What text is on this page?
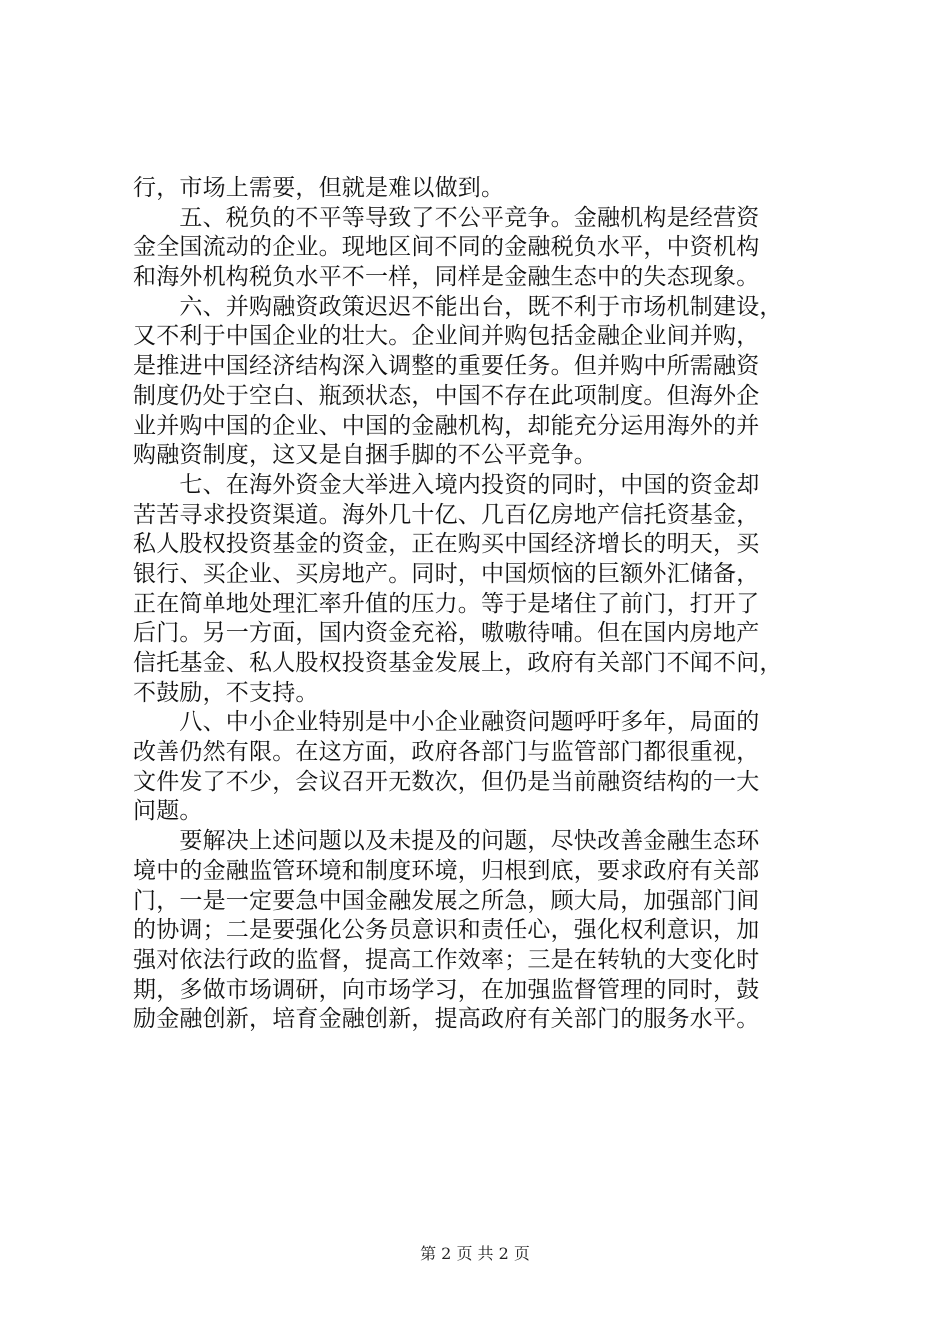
行，市场上需要，但就是难以做到。
　　五、税负的不平等导致了不公平竞争。金融机构是经营资
金全国流动的企业。现地区间不同的金融税负水平，中资机构
和海外机构税负水平不一样，同样是金融生态中的失态现象。
　　六、并购融资政策迟迟不能出台，既不利于市场机制建设，
又不利于中国企业的壮大。企业间并购包括金融企业间并购，
是推进中国经济结构深入调整的重要任务。但并购中所需融资
制度仍处于空白、瓶颈状态，中国不存在此项制度。但海外企
业并购中国的企业、中国的金融机构，却能充分运用海外的并
购融资制度，这又是自捆手脚的不公平竞争。
　　七、在海外资金大举进入境内投资的同时，中国的资金却
苦苦寻求投资渠道。海外几十亿、几百亿房地产信托资基金，
私人股权投资基金的资金，正在购买中国经济增长的明天，买
银行、买企业、买房地产。同时，中国烦恼的巨额外汇储备，
正在简单地处理汇率升值的压力。等于是堵住了前门，打开了
后门。另一方面，国内资金充裕，嗷嗷待哺。但在国内房地产
信托基金、私人股权投资基金发展上，政府有关部门不闻不问，
不鼓励，不支持。
　　八、中小企业特别是中小企业融资问题呼吁多年，局面的
改善仍然有限。在这方面，政府各部门与监管部门都很重视，
文件发了不少，会议召开无数次，但仍是当前融资结构的一大
问题。
　　要解决上述问题以及未提及的问题，尽快改善金融生态环
境中的金融监管环境和制度环境，归根到底，要求政府有关部
门，一是一定要急中国金融发展之所急，顾大局，加强部门间
的协调；二是要强化公务员意识和责任心，强化权利意识，加
强对依法行政的监督，提高工作效率；三是在转轨的大变化时
期，多做市场调研，向市场学习，在加强监督管理的同时，鼓
励金融创新，培育金融创新，提高政府有关部门的服务水平。
第 2 页 共 2 页
